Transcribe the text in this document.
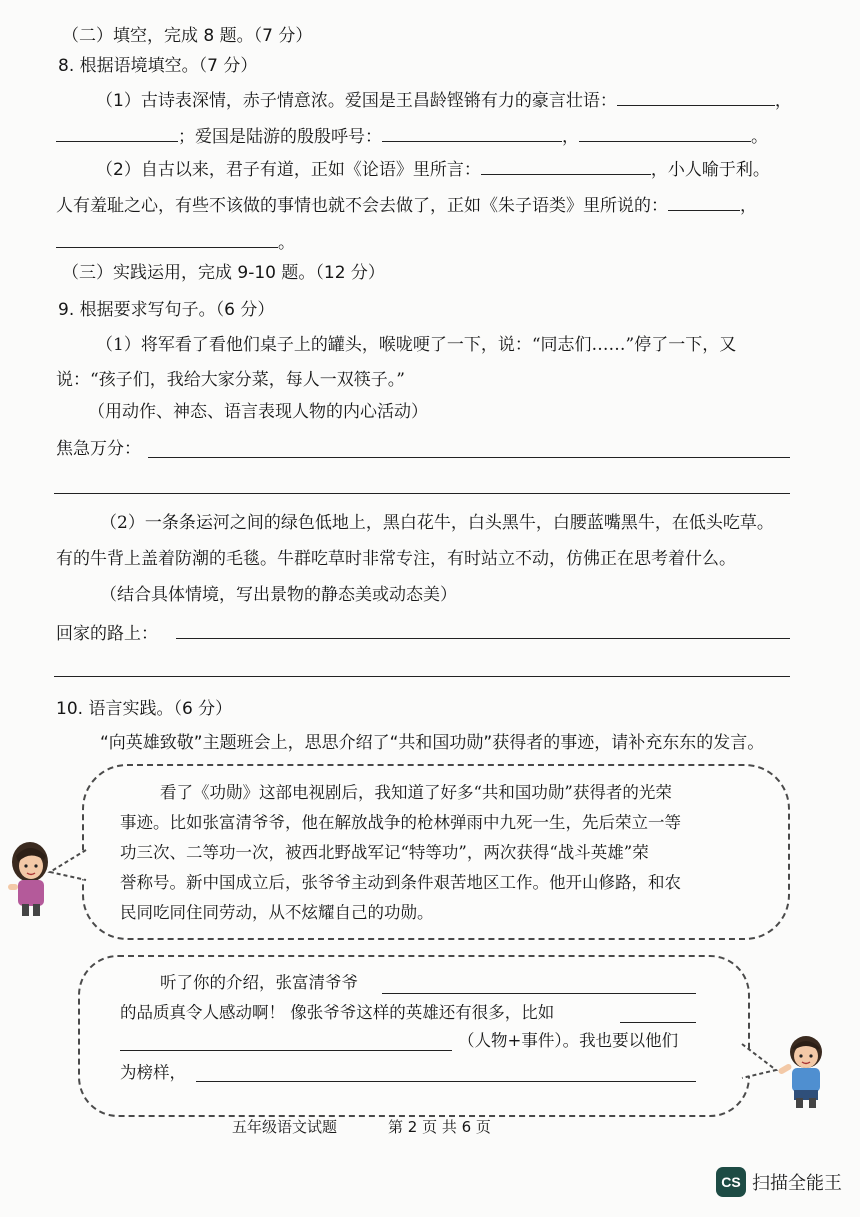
（二）填空，完成 8 题。（7 分）
8. 根据语境填空。（7 分）
（1）古诗表深情，赤子情意浓。爱国是王昌龄铿锵有力的豪言壮语：	，
；爱国是陆游的殷殷呼号：	，	。
（2）自古以来，君子有道，正如《论语》里所言：	，小人喻于利。
人有羞耻之心，有些不该做的事情也就不会去做了，正如《朱子语类》里所说的：	，
。
（三）实践运用，完成 9-10 题。（12 分）
9. 根据要求写句子。（6 分）
（1）将军看了看他们桌子上的罐头，喉咙哽了一下，说：“同志们……”停了一下，又
说：“孩子们，我给大家分菜，每人一双筷子。”
（用动作、神态、语言表现人物的内心活动）
焦急万分：
（2）一条条运河之间的绿色低地上，黑白花牛，白头黑牛，白腰蓝嘴黑牛，在低头吃草。
有的牛背上盖着防潮的毛毯。牛群吃草时非常专注，有时站立不动，仿佛正在思考着什么。
（结合具体情境，写出景物的静态美或动态美）
回家的路上：
10. 语言实践。（6 分）
“向英雄致敬”主题班会上，思思介绍了“共和国功勋”获得者的事迹，请补充东东的发言。
看了《功勋》这部电视剧后，我知道了好多“共和国功勋”获得者的光荣
事迹。比如张富清爷爷，他在解放战争的枪林弹雨中九死一生，先后荣立一等
功三次、二等功一次，被西北野战军记“特等功”，两次获得“战斗英雄”荣
誉称号。新中国成立后，张爷爷主动到条件艰苦地区工作。他开山修路，和农
民同吃同住同劳动，从不炫耀自己的功勋。
听了你的介绍，张富清爷爷
的品质真令人感动啊！ 像张爷爷这样的英雄还有很多，比如
（人物+事件）。我也要以他们
为榜样，
五年级语文试题	第 2 页 共 6 页
CS 扫描全能王
